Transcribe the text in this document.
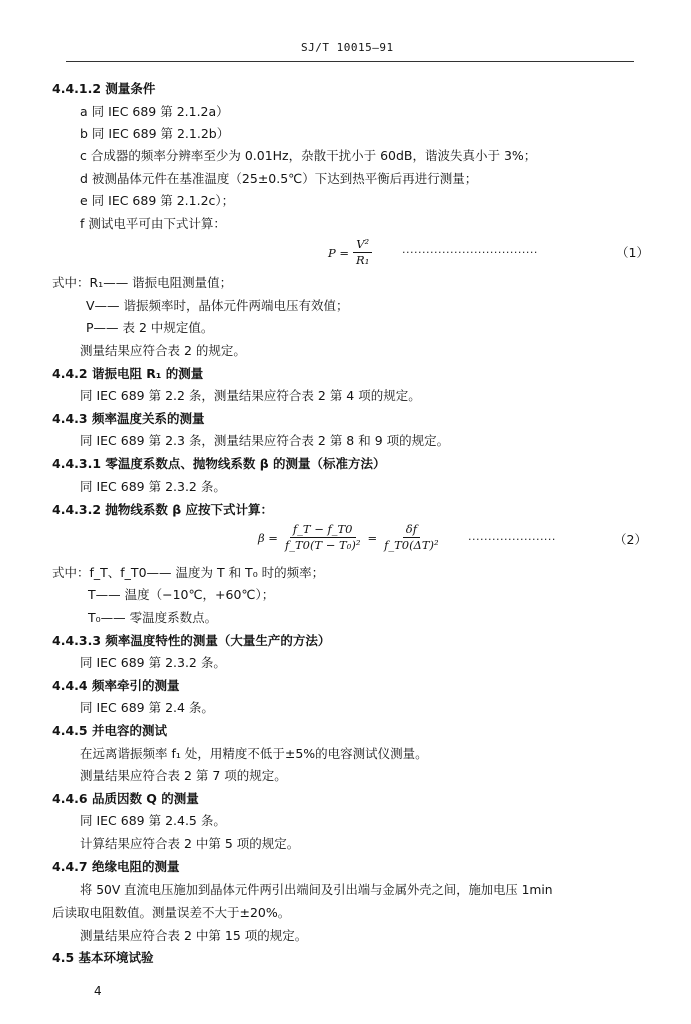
SJ/T 10015—91
4.4.1.2 测量条件
a 同 IEC 689 第 2.1.2a）
b 同 IEC 689 第 2.1.2b）
c 合成器的频率分辨率至少为 0.01Hz，杂散干扰小于 60dB，谐波失真小于 3%；
d 被测晶体元件在基准温度（25±0.5℃）下达到热平衡后再进行测量；
e 同 IEC 689 第 2.1.2c）；
f 测试电平可由下式计算：
$P = \frac{\text{V²}}{\text{R₁}}$	··································	（1）
式中：R₁—— 谐振电阻测量值；
V—— 谐振频率时，晶体元件两端电压有效值；
P—— 表 2 中规定值。
测量结果应符合表 2 的规定。
4.4.2 谐振电阻 R₁ 的测量
同 IEC 689 第 2.2 条，测量结果应符合表 2 第 4 项的规定。
4.4.3 频率温度关系的测量
同 IEC 689 第 2.3 条，测量结果应符合表 2 第 8 和 9 项的规定。
4.4.3.1 零温度系数点、抛物线系数 β 的测量（标准方法）
同 IEC 689 第 2.3.2 条。
4.4.3.2 抛物线系数 β 应按下式计算：
$\beta = \frac{f\_T - f\_T0}{\text{f\_T0(T − T₀)²}} = \frac{\delta f}{\text{f\_T0(ΔT)²}}$ ······················	（2）
式中：f_T、f_T0—— 温度为 T 和 T₀ 时的频率；
T—— 温度（−10℃，+60℃）；
T₀—— 零温度系数点。
4.4.3.3 频率温度特性的测量（大量生产的方法）
同 IEC 689 第 2.3.2 条。
4.4.4 频率牵引的测量
同 IEC 689 第 2.4 条。
4.4.5 并电容的测试
在远离谐振频率 f₁ 处，用精度不低于±5%的电容测试仪测量。
测量结果应符合表 2 第 7 项的规定。
4.4.6 品质因数 Q 的测量
同 IEC 689 第 2.4.5 条。
计算结果应符合表 2 中第 5 项的规定。
4.4.7 绝缘电阻的测量
将 50V 直流电压施加到晶体元件两引出端间及引出端与金属外壳之间，施加电压 1min
后读取电阻数值。测量误差不大于±20%。
测量结果应符合表 2 中第 15 项的规定。
4.5 基本环境试验
4
